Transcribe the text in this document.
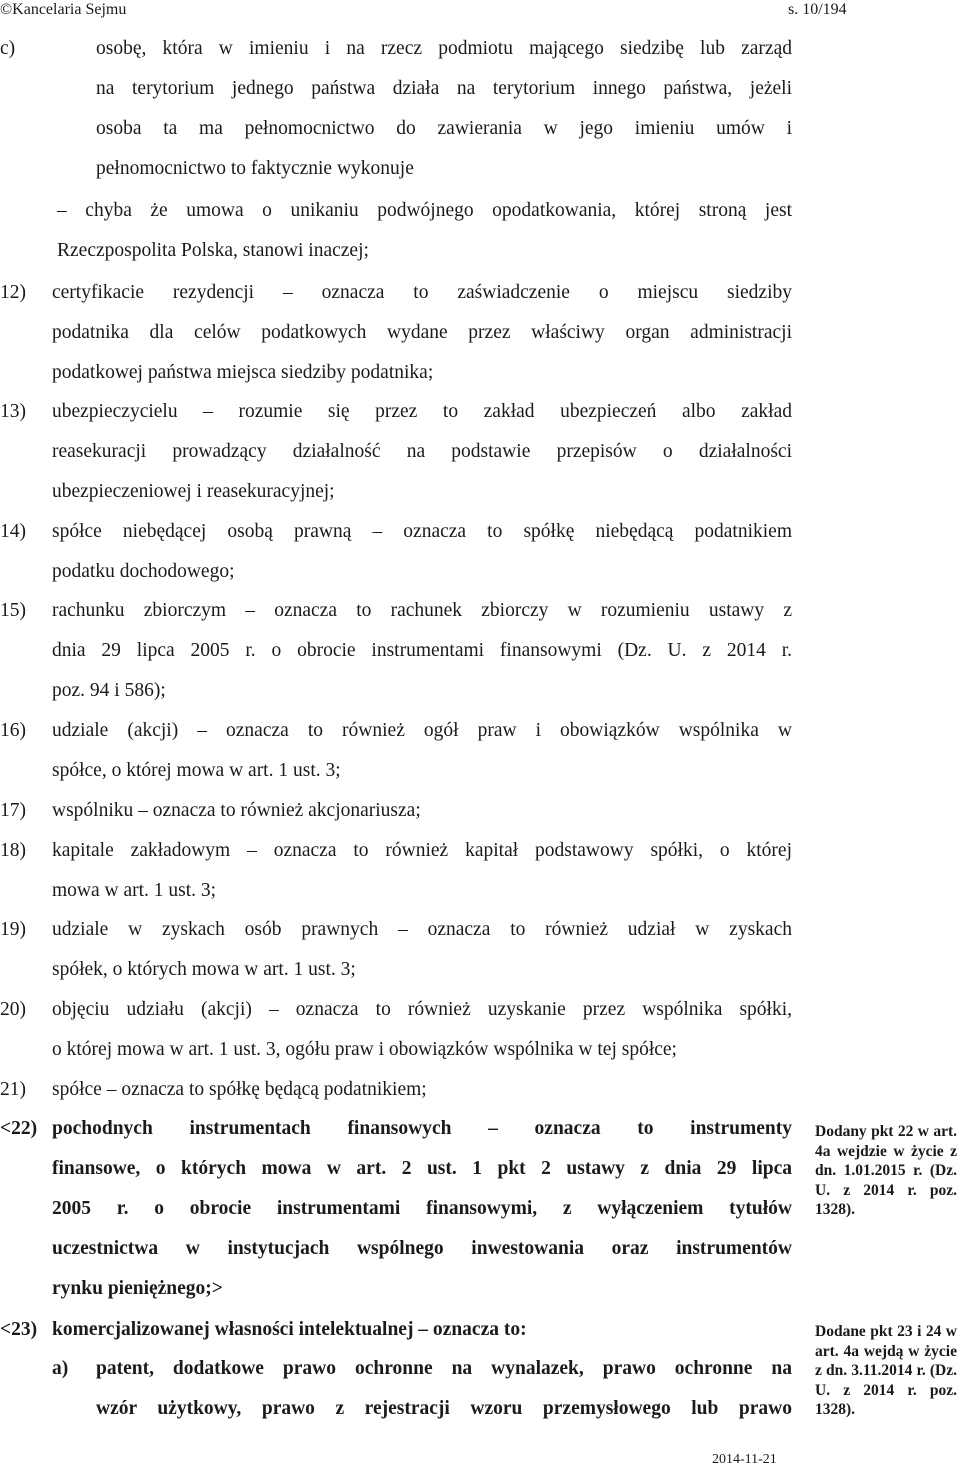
©Kancelaria Sejmu	s. 10/194
c)	osobę, która w imieniu i na rzecz podmiotu mającego siedzibę lub zarząd
na terytorium jednego państwa działa na terytorium innego państwa, jeżeli
osoba ta ma pełnomocnictwo do zawierania w jego imieniu umów i
pełnomocnictwo to faktycznie wykonuje
– chyba że umowa o unikaniu podwójnego opodatkowania, której stroną jest
Rzeczpospolita Polska, stanowi inaczej;
12) certyfikacie rezydencji – oznacza to zaświadczenie o miejscu siedziby
podatnika dla celów podatkowych wydane przez właściwy organ administracji
podatkowej państwa miejsca siedziby podatnika;
13) ubezpieczycielu – rozumie się przez to zakład ubezpieczeń albo zakład
reasekuracji prowadzący działalność na podstawie przepisów o działalności
ubezpieczeniowej i reasekuracyjnej;
14) spółce niebędącej osobą prawną – oznacza to spółkę niebędącą podatnikiem
podatku dochodowego;
15) rachunku zbiorczym – oznacza to rachunek zbiorczy w rozumieniu ustawy z
dnia 29 lipca 2005 r. o obrocie instrumentami finansowymi (Dz. U. z 2014 r.
poz. 94 i 586);
16) udziale (akcji) – oznacza to również ogół praw i obowiązków wspólnika w
spółce, o której mowa w art. 1 ust. 3;
17) wspólniku – oznacza to również akcjonariusza;
18) kapitale zakładowym – oznacza to również kapitał podstawowy spółki, o której
mowa w art. 1 ust. 3;
19) udziale w zyskach osób prawnych – oznacza to również udział w zyskach
spółek, o których mowa w art. 1 ust. 3;
20) objęciu udziału (akcji) – oznacza to również uzyskanie przez wspólnika spółki,
o której mowa w art. 1 ust. 3, ogółu praw i obowiązków wspólnika w tej spółce;
21) spółce – oznacza to spółkę będącą podatnikiem;
<22) pochodnych instrumentach finansowych – oznacza to instrumenty
finansowe, o których mowa w art. 2 ust. 1 pkt 2 ustawy z dnia 29 lipca
2005 r. o obrocie instrumentami finansowymi, z wyłączeniem tytułów
uczestnictwa w instytucjach wspólnego inwestowania oraz instrumentów
rynku pieniężnego;>
<23) komercjalizowanej własności intelektualnej – oznacza to:
a) patent, dodatkowe prawo ochronne na wynalazek, prawo ochronne na
wzór użytkowy, prawo z rejestracji wzoru przemysłowego lub prawo
Dodany pkt 22 w art. 4a wejdzie w życie z dn. 1.01.2015 r. (Dz. U. z 2014 r. poz. 1328).
Dodane pkt 23 i 24 w art. 4a wejdą w życie z dn. 3.11.2014 r. (Dz. U. z 2014 r. poz. 1328).
2014-11-21
